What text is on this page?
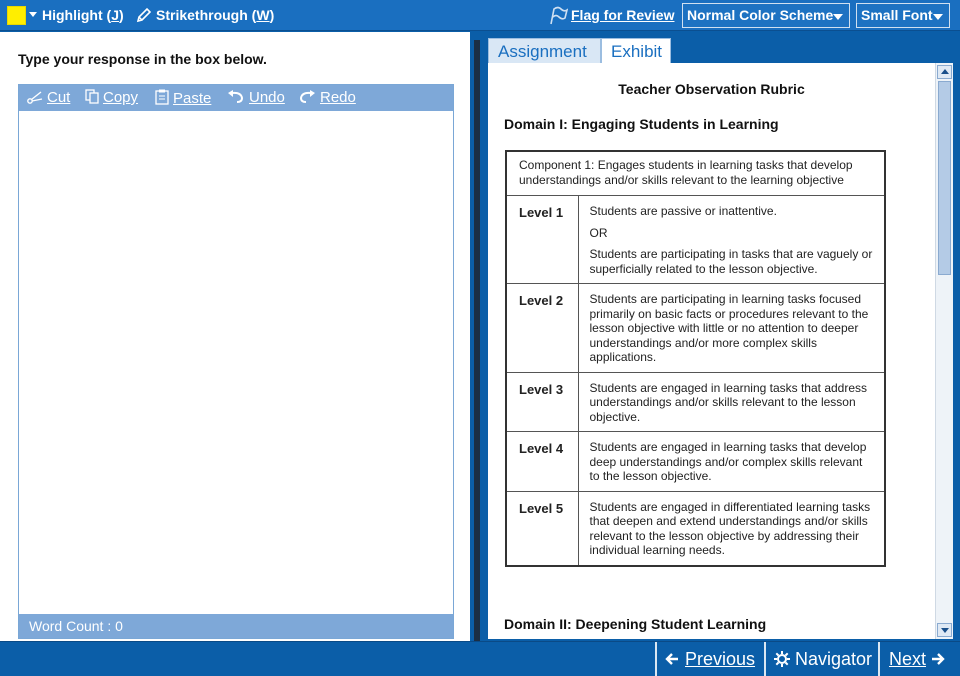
Highlight (J) Strikethrough (W)	Flag for Review Normal Color Scheme	Small Font
Type your response in the box below.
Cut	Copy	Paste	Undo	Redo
Word Count : 0
Assignment	Exhibit
Teacher Observation Rubric
Domain I: Engaging Students in Learning
Component 1: Engages students in learning tasks that develop understandings and/or skills relevant to the learning objective	
Level 1	Students are passive or inattentive.

OR

Students are participating in tasks that are vaguely or superficially related to the lesson objective.

Level 2	Students are participating in learning tasks focused primarily on basic facts or procedures relevant to the lesson objective with little or no attention to deeper understandings and/or more complex skills applications.
Level 3	Students are engaged in learning tasks that address understandings and/or skills relevant to the lesson objective.
Level 4	Students are engaged in learning tasks that develop deep understandings and/or complex skills relevant to the lesson objective.
Level 5	Students are engaged in differentiated learning tasks that deepen and extend understandings and/or skills relevant to the lesson objective by addressing their individual learning needs.
Domain II: Deepening Student Learning
Previous	Navigator Next
